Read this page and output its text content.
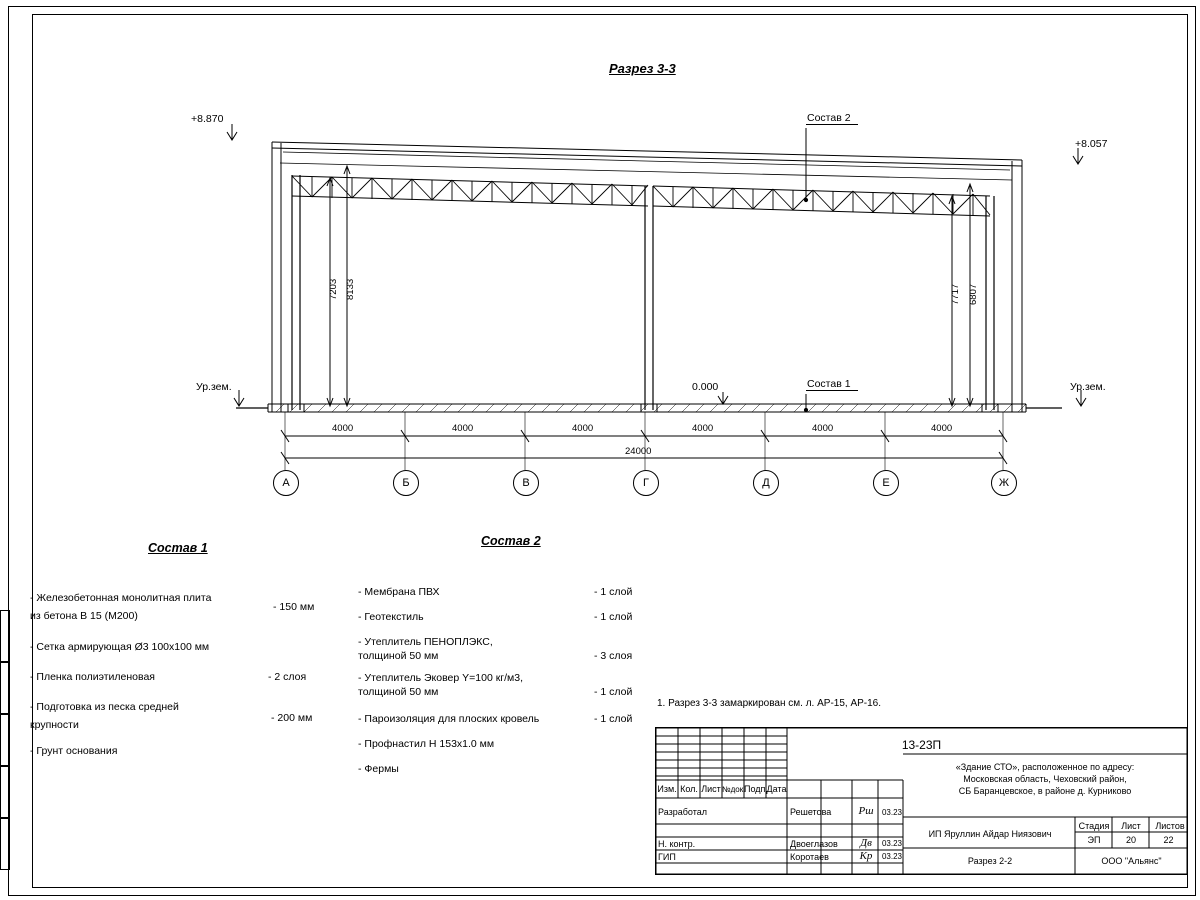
Разрез 3-3
+8.870
+8.057
Ур.зем.	Ур.зем.
0.000
Состав 2
Состав 1
7203 8133	7717 6807
4000	4000	4000	4000	4000	4000
24000
А	Б	В	Г	Д	Е	Ж
Состав 1
- Железобетонная монолитная плита
из бетона В 15 (М200)
- 150 мм
- Сетка армирующая Ø3 100х100 мм
- Пленка полиэтиленовая	- 2 слоя
- Подготовка из песка средней
крупности
- 200 мм
- Грунт основания
Состав 2
- Мембрана ПВХ	- 1 слой
- Геотекстиль	- 1 слой
- Утеплитель ПЕНОПЛЭКС,
толщиной 50 мм	- 3 слоя
- Утеплитель Эковер Y=100 кг/м3,
толщиной 50 мм	- 1 слой
- Пароизоляция для плоских кровель	- 1 слой
- Профнастил Н 153х1.0 мм
- Фермы
1. Разрез 3-3 замаркирован см. л. АР-15, АР-16.
13-23П
«Здание СТО», расположенное по адресу:
Московская область, Чеховский район,
СБ Баранцевское, в районе д. Курниково
Изм. Кол. Лист №док.
Подп.
Дата
Разработал	Решетова	Ρш	03.23
Н. контр.	Двоеглазов	Дв	03.23
ГИП	Коротаев	Кр	03.23
ИП Яруллин Айдар Ниязович
Разрез 2-2
Стадия	Лист	Листов
ЭП	20	22
ООО "Альянс"
